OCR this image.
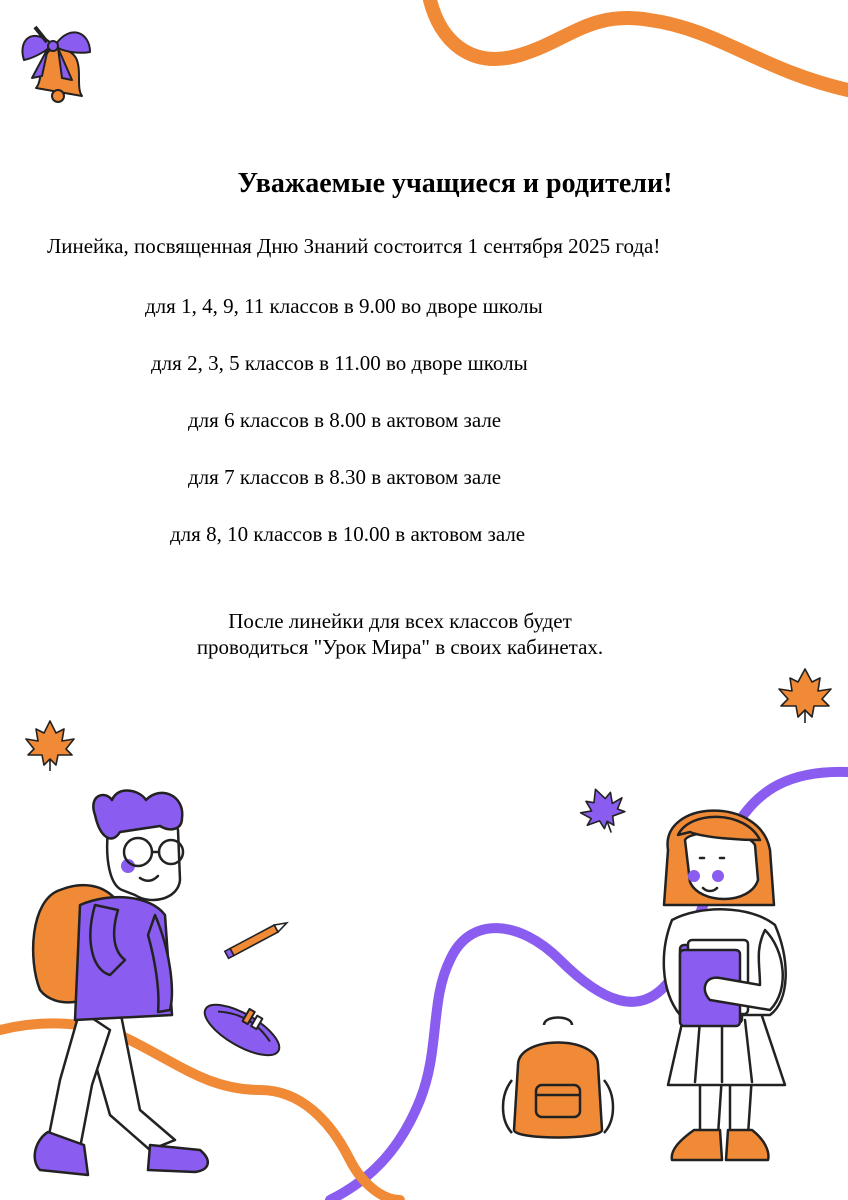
Уважаемые учащиеся и родители!

Линейка, посвященная Дню Знаний состоится 1 сентября 2025 года!

для 1, 4, 9, 11 классов в 9.00 во дворе школы

для 2, 3, 5 классов в 11.00 во дворе школы

для 6 классов в 8.00 в актовом зале

для 7 классов в 8.30 в актовом зале

для 8, 10 классов в 10.00 в актовом зале

После линейки для всех классов будет
проводиться "Урок Мира" в своих кабинетах.
